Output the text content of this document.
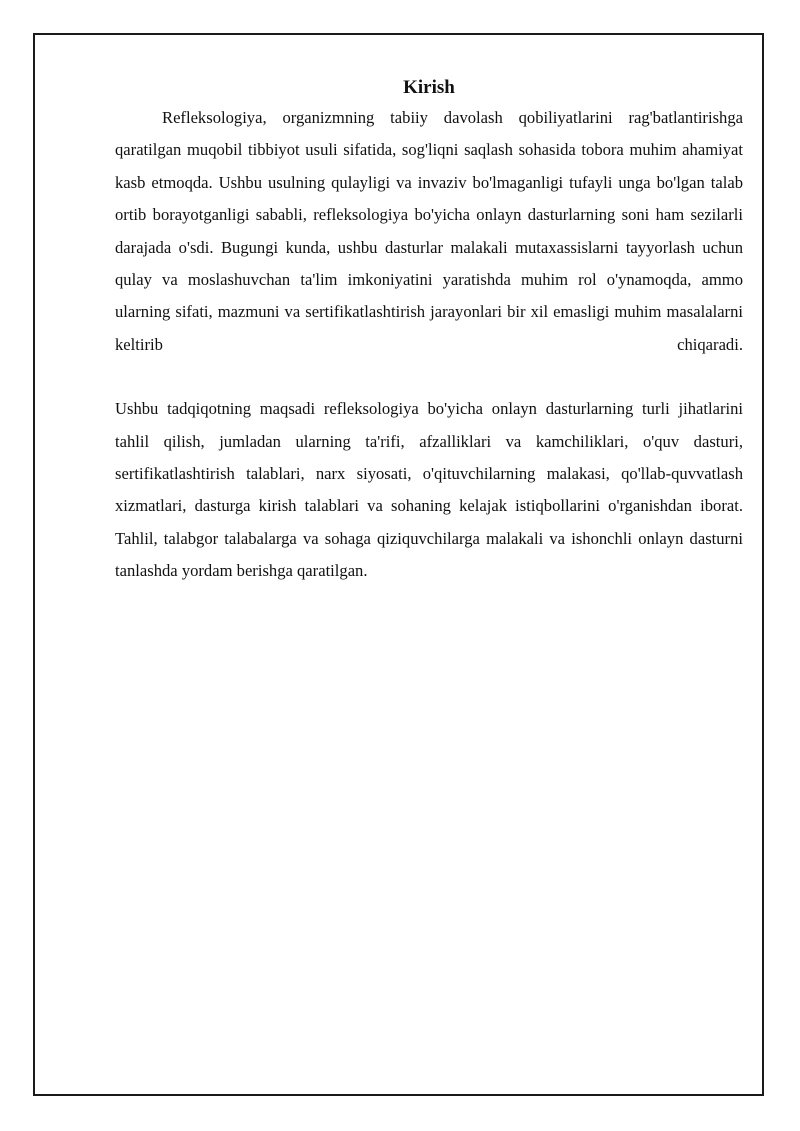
Kirish

Refleksologiya, organizmning tabiiy davolash qobiliyatlarini rag'batlantirishga qaratilgan muqobil tibbiyot usuli sifatida, sog'liqni saqlash sohasida tobora muhim ahamiyat kasb etmoqda. Ushbu usulning qulayligi va invaziv bo'lmaganligi tufayli unga bo'lgan talab ortib borayotganligi sababli, refleksologiya bo'yicha onlayn dasturlarning soni ham sezilarli darajada o'sdi. Bugungi kunda, ushbu dasturlar malakali mutaxassislarni tayyorlash uchun qulay va moslashuvchan ta'lim imkoniyatini yaratishda muhim rol o'ynamoqda, ammo ularning sifati, mazmuni va sertifikatlashtirish jarayonlari bir xil emasligi muhim masalalarni keltirib chiqaradi.

Ushbu tadqiqotning maqsadi refleksologiya bo'yicha onlayn dasturlarning turli jihatlarini tahlil qilish, jumladan ularning ta'rifi, afzalliklari va kamchiliklari, o'quv dasturi, sertifikatlashtirish talablari, narx siyosati, o'qituvchilarning malakasi, qo'llab-quvvatlash xizmatlari, dasturga kirish talablari va sohaning kelajak istiqbollarini o'rganishdan iborat. Tahlil, talabgor talabalarga va sohaga qiziquvchilarga malakali va ishonchli onlayn dasturni tanlashda yordam berishga qaratilgan.
